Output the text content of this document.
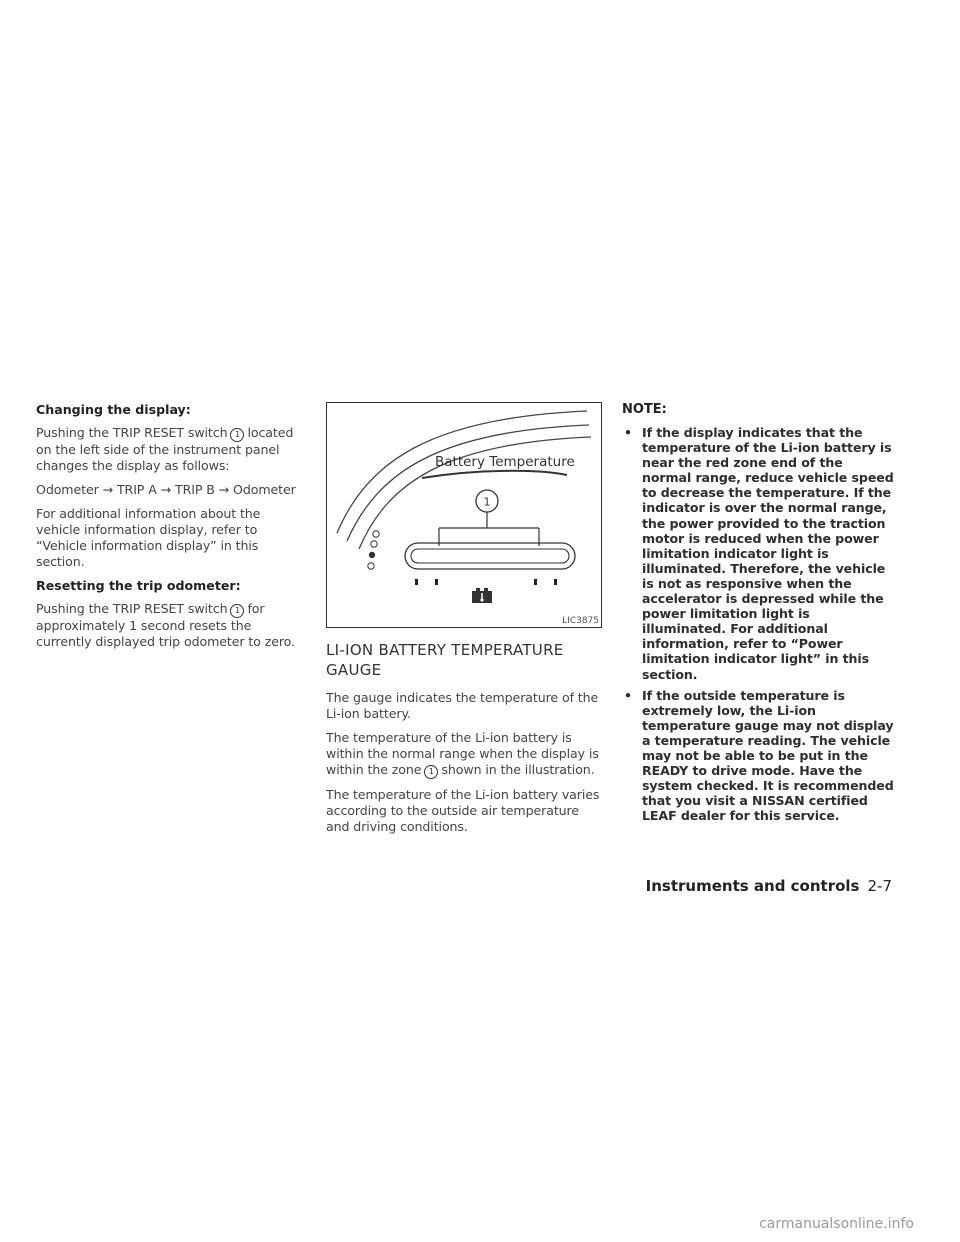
Changing the display:

Pushing the TRIP RESET switch 1 located on the left side of the instrument panel changes the display as follows:

Odometer → TRIP A → TRIP B → Odometer

For additional information about the vehicle information display, refer to “Vehicle information display” in this section.

Resetting the trip odometer:

Pushing the TRIP RESET switch 1 for approximately 1 second resets the currently displayed trip odometer to zero.

Battery Temperature
1
LIC3875
LI-ION BATTERY TEMPERATURE GAUGE

The gauge indicates the temperature of the Li-ion battery.

The temperature of the Li-ion battery is within the normal range when the display is within the zone 1 shown in the illustration.

The temperature of the Li-ion battery varies according to the outside air temperature and driving conditions.

NOTE:
• If the display indicates that the temperature of the Li-ion battery is near the red zone end of the normal range, reduce vehicle speed to decrease the temperature. If the indicator is over the normal range, the power provided to the traction motor is reduced when the power limitation indicator light is illuminated. Therefore, the vehicle is not as responsive when the accelerator is depressed while the power limitation light is illuminated. For additional information, refer to “Power limitation indicator light” in this section.
• If the outside temperature is extremely low, the Li-ion temperature gauge may not display a temperature reading. The vehicle may not be able to be put in the READY to drive mode. Have the system checked. It is recommended that you visit a NISSAN certified LEAF dealer for this service.
Instruments and controls 2-7
carmanualsonline.info
